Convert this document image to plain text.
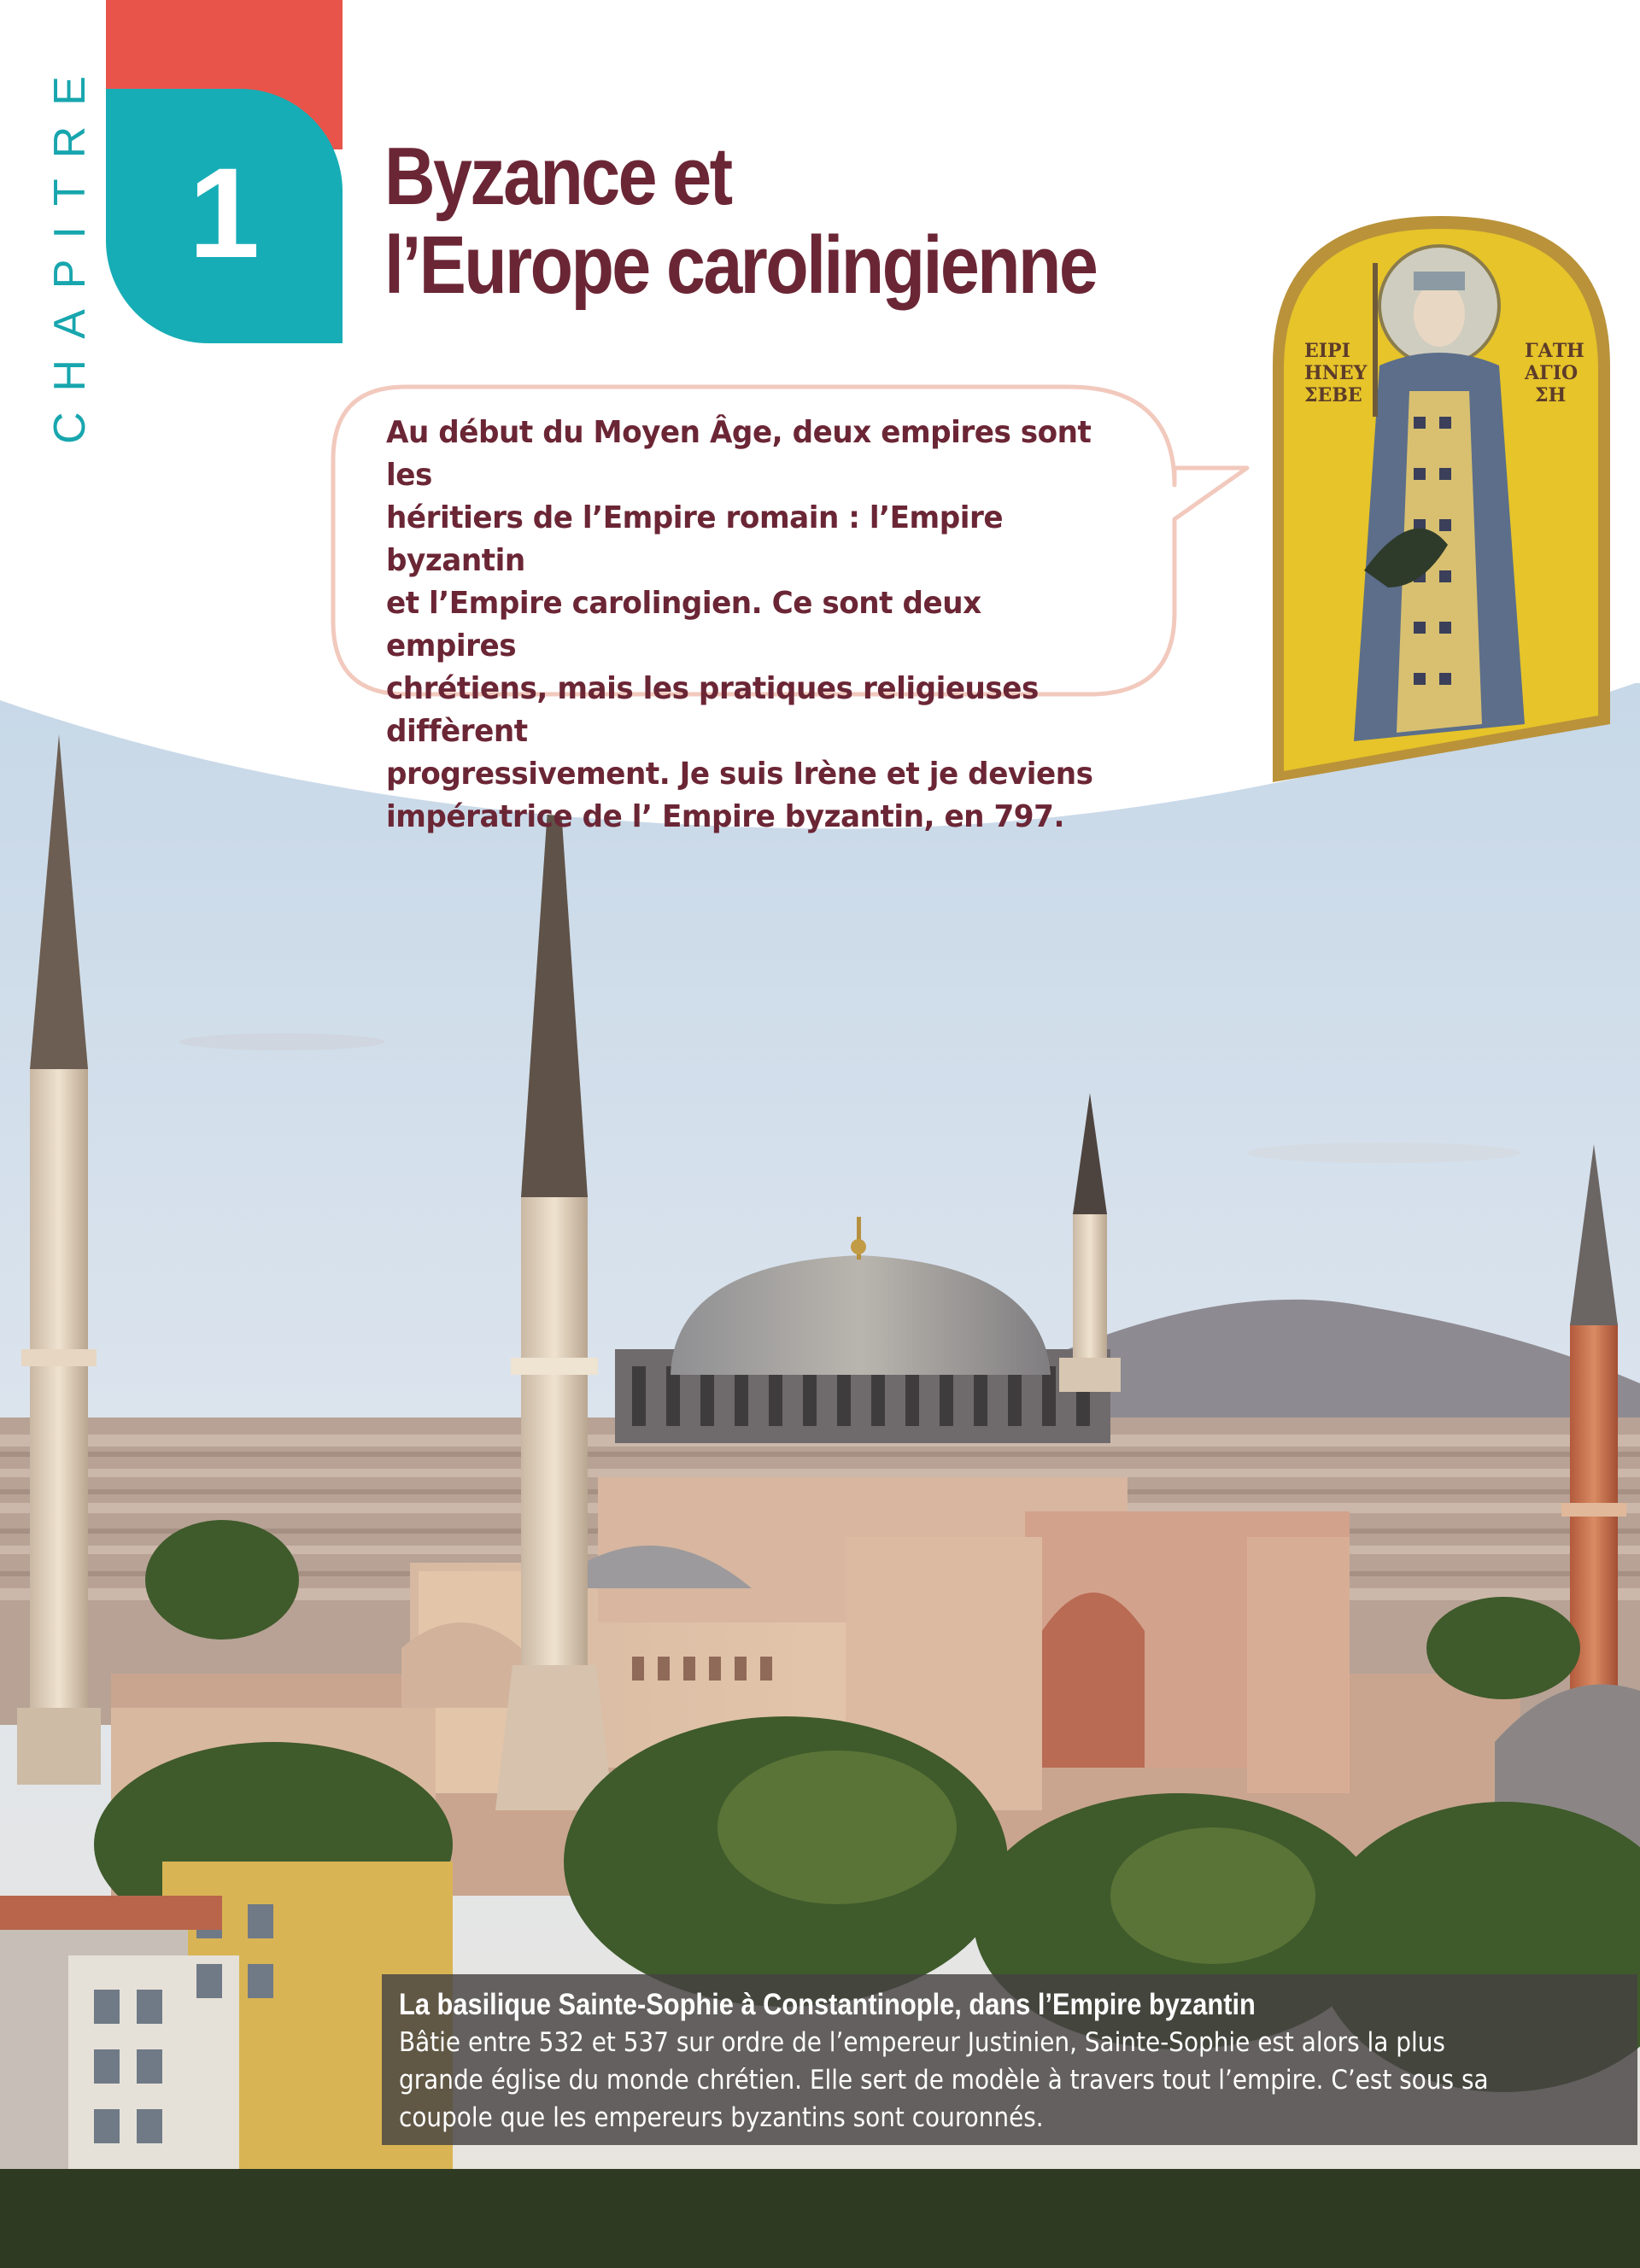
CHAPITRE 1 Byzance et
l’Europe carolingienne
Au début du Moyen Âge, deux empires sont les
héritiers de l’Empire romain : l’Empire byzantin
et l’Empire carolingien. Ce sont deux empires
chrétiens, mais les pratiques religieuses diffèrent
progressivement. Je suis Irène et je deviens
impératrice de l’ Empire byzantin, en 797.
ΕΙΡΙ
ΗΝΕΥ
ΣΕΒΕ
ΓΑΤΗ
ΑΓΙΟ
ΣΗ
La basilique Sainte-Sophie à Constantinople, dans l’Empire byzantin
Bâtie entre 532 et 537 sur ordre de l’empereur Justinien, Sainte-Sophie est alors la plus
grande église du monde chrétien. Elle sert de modèle à travers tout l’empire. C’est sous sa
coupole que les empereurs byzantins sont couronnés.
